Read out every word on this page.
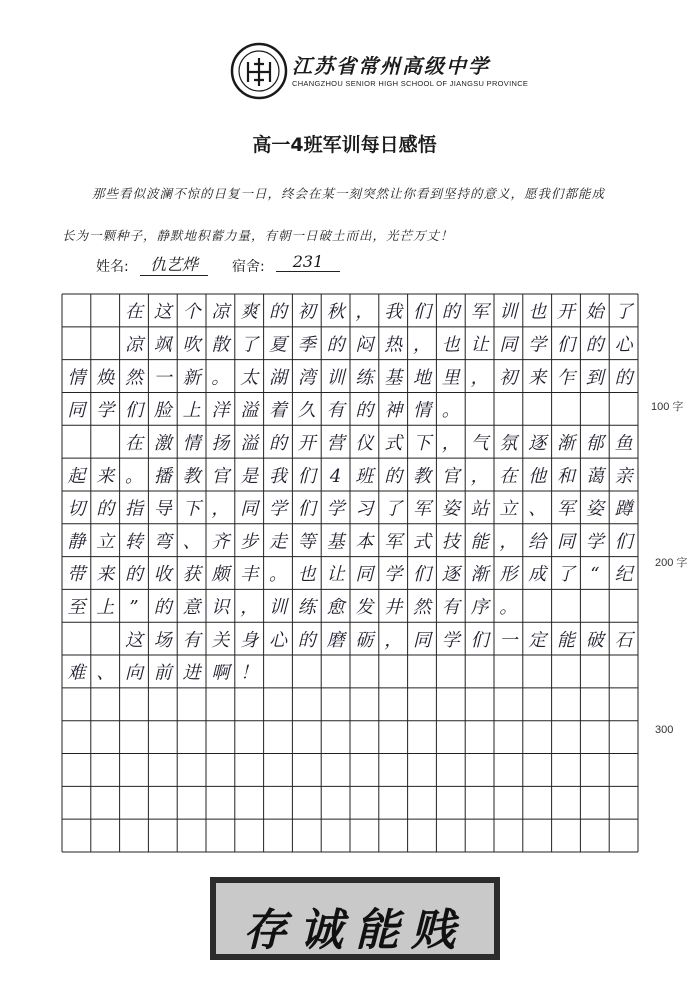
江苏省常州高级中学
CHANGZHOU SENIOR HIGH SCHOOL OF JIANGSU PROVINCE
高一4班军训每日感悟
那些看似波澜不惊的日复一日，终会在某一刻突然让你看到坚持的意义，愿我们都能成
长为一颗种子，静默地积蓄力量，有朝一日破土而出，光芒万丈！
姓名:	仇艺烨	宿舍:	231
在 这 个 凉 爽 的 初 秋 ， 我 们 的 军 训 也 开 始 了
凉 飒 吹 散 了 夏 季 的 闷 热 ， 也 让 同 学 们 的 心
情 焕 然 一 新 。 太 湖 湾 训 练 基 地 里 ， 初 来 乍 到 的
同 学 们 脸 上 洋 溢 着 久 有 的 神 情 。
在 激 情 扬 溢 的 开 营 仪 式 下 ， 气 氛 逐 渐 郁 鱼
起 来 。 播 教 官 是 我 们 4 班 的 教 官 ， 在 他 和 蔼 亲
切 的 指 导 下 ， 同 学 们 学 习 了 军 姿 站 立 、 军 姿 蹲
静 立 转 弯 、 齐 步 走 等 基 本 军 式 技 能 ， 给 同 学 们
带 来 的 收 获 颇 丰 。 也 让 同 学 们 逐 渐 形 成 了 “ 纪
至 上 ” 的 意 识 ， 训 练 愈 发 井 然 有 序 。
这 场 有 关 身 心 的 磨 砺 ， 同 学 们 一 定 能 破 石
难 、 向 前 进 啊 ！
100 字
200 字
300
存诚能贱
